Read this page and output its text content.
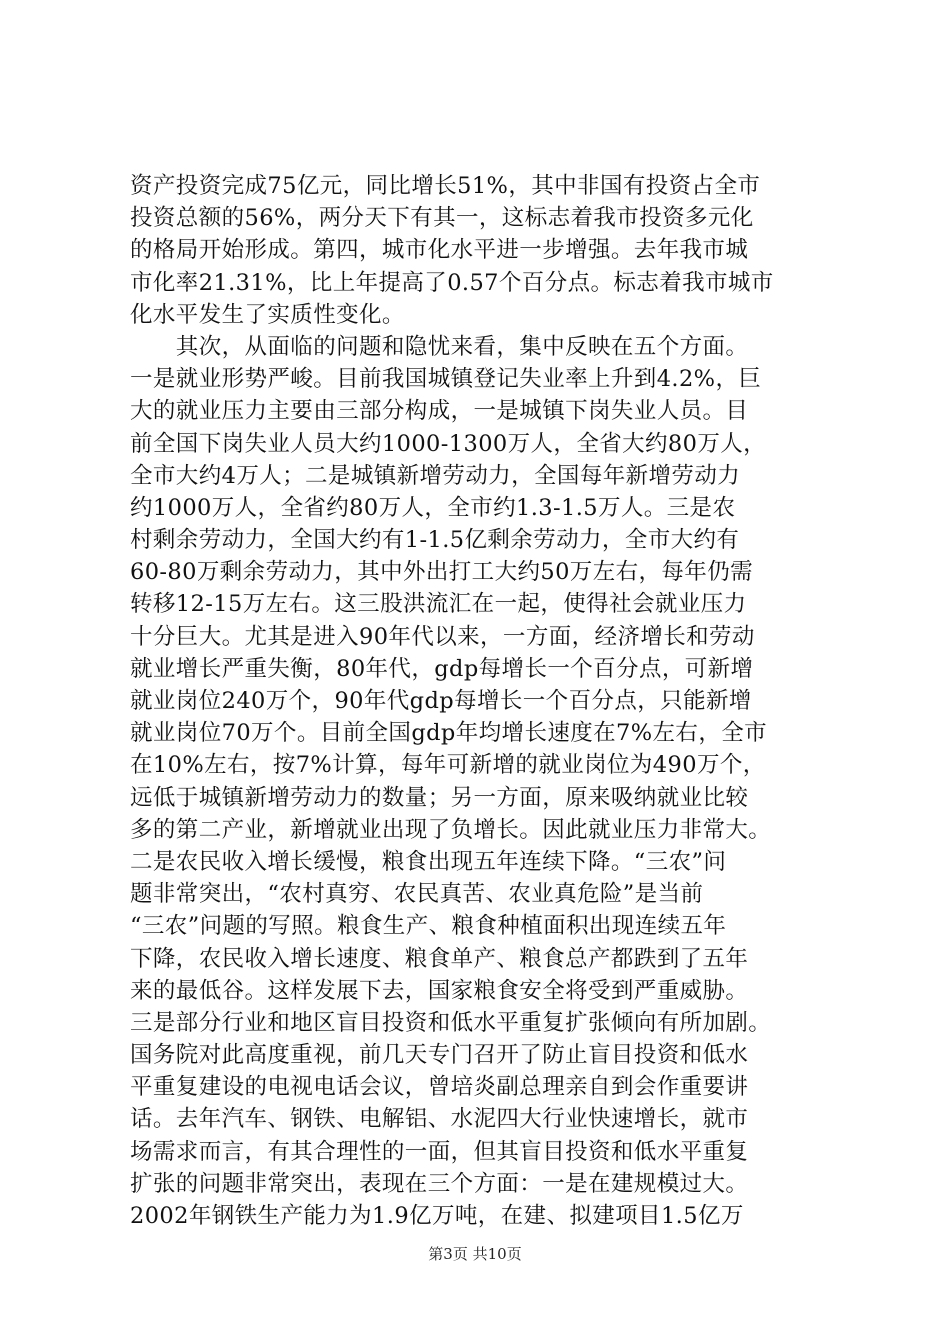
资产投资完成75亿元，同比增长51%，其中非国有投资占全市
投资总额的56%，两分天下有其一，这标志着我市投资多元化
的格局开始形成。第四，城市化水平进一步增强。去年我市城
市化率21.31%，比上年提高了0.57个百分点。标志着我市城市
化水平发生了实质性变化。
　　其次，从面临的问题和隐忧来看，集中反映在五个方面。
一是就业形势严峻。目前我国城镇登记失业率上升到4.2%，巨
大的就业压力主要由三部分构成，一是城镇下岗失业人员。目
前全国下岗失业人员大约1000-1300万人，全省大约80万人，
全市大约4万人；二是城镇新增劳动力，全国每年新增劳动力
约1000万人，全省约80万人，全市约1.3-1.5万人。三是农
村剩余劳动力，全国大约有1-1.5亿剩余劳动力，全市大约有
60-80万剩余劳动力，其中外出打工大约50万左右，每年仍需
转移12-15万左右。这三股洪流汇在一起，使得社会就业压力
十分巨大。尤其是进入90年代以来，一方面，经济增长和劳动
就业增长严重失衡，80年代，gdp每增长一个百分点，可新增
就业岗位240万个，90年代gdp每增长一个百分点，只能新增
就业岗位70万个。目前全国gdp年均增长速度在7%左右，全市
在10%左右，按7%计算，每年可新增的就业岗位为490万个，
远低于城镇新增劳动力的数量；另一方面，原来吸纳就业比较
多的第二产业，新增就业出现了负增长。因此就业压力非常大。
二是农民收入增长缓慢，粮食出现五年连续下降。“三农”问
题非常突出，“农村真穷、农民真苦、农业真危险”是当前
“三农”问题的写照。粮食生产、粮食种植面积出现连续五年
下降，农民收入增长速度、粮食单产、粮食总产都跌到了五年
来的最低谷。这样发展下去，国家粮食安全将受到严重威胁。
三是部分行业和地区盲目投资和低水平重复扩张倾向有所加剧。
国务院对此高度重视，前几天专门召开了防止盲目投资和低水
平重复建设的电视电话会议，曾培炎副总理亲自到会作重要讲
话。去年汽车、钢铁、电解铝、水泥四大行业快速增长，就市
场需求而言，有其合理性的一面，但其盲目投资和低水平重复
扩张的问题非常突出，表现在三个方面：一是在建规模过大。
2002年钢铁生产能力为1.9亿万吨，在建、拟建项目1.5亿万
第3页 共10页
